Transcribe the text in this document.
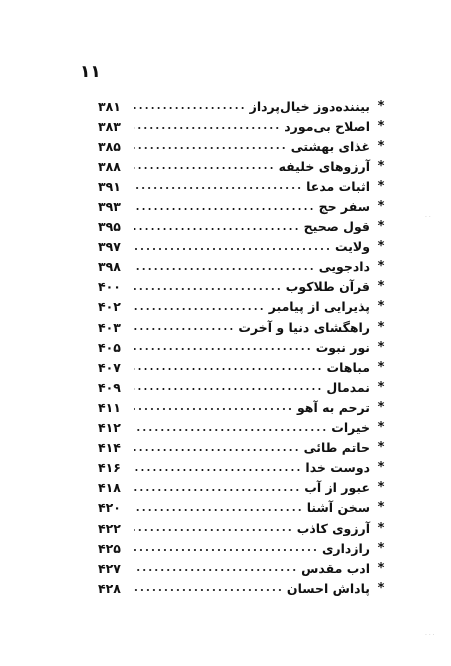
۱۱
*
بیننده‌دوز خیال‌پرداز
۳۸۱
*
اصلاح بی‌مورد
۳۸۳
*
غذای بهشتی
۳۸۵
*
آرزوهای خلیفه
۳۸۸
*
اثبات مدعا
۳۹۱
*
سفر حج
۳۹۳
*
قول صحیح
۳۹۵
*
ولایت
۳۹۷
*
دادجویی
۳۹۸
*
قرآن طلاکوب
۴۰۰
*
پذیرایی از پیامبر
۴۰۲
*
راهگشای دنیا و آخرت
۴۰۳
*
نور نبوت
۴۰۵
*
مباهات
۴۰۷
*
نمدمال
۴۰۹
*
ترحم به آهو
۴۱۱
*
خیرات
۴۱۲
*
حاتم طائی
۴۱۴
*
دوست خدا
۴۱۶
*
عبور از آب
۴۱۸
*
سخن آشنا
۴۲۰
*
آرزوی کاذب
۴۲۲
*
رازداری
۴۲۵
*
ادب مقدس
۴۲۷
*
پاداش احسان
۴۲۸
· ·
· · ·
